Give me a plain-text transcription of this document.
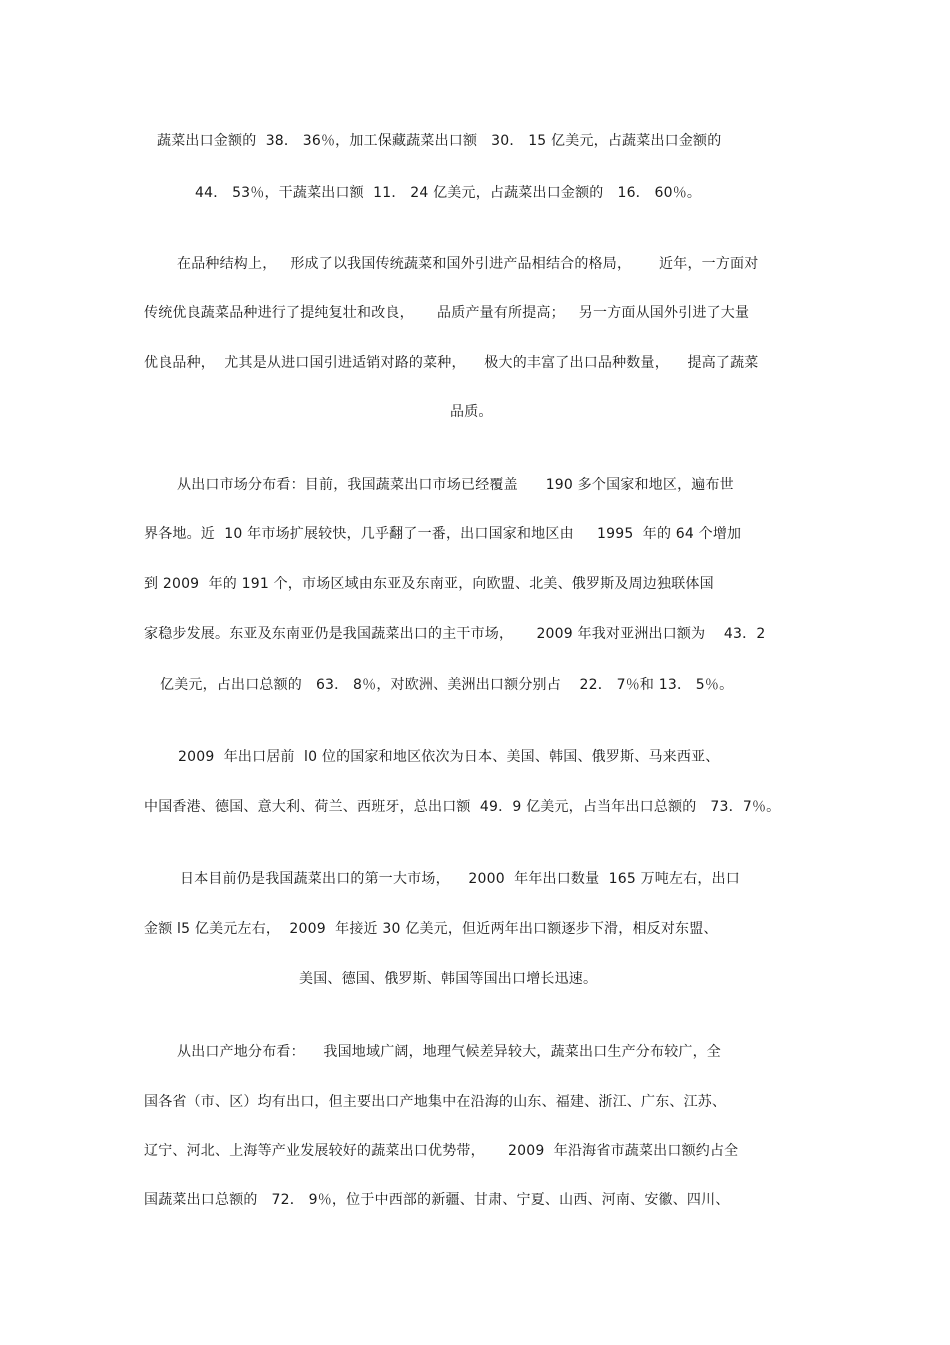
蔬菜出口金额的  38． 36％，加工保藏蔬菜出口额   30． 15 亿美元，占蔬菜出口金额的
44． 53％，干蔬菜出口额  11． 24 亿美元，占蔬菜出口金额的   16． 60％。
在品种结构上，   形成了以我国传统蔬菜和国外引进产品相结合的格局，      近年，一方面对
传统优良蔬菜品种进行了提纯复壮和改良，     品质产量有所提高；   另一方面从国外引进了大量
优良品种，  尤其是从进口国引进适销对路的菜种，    极大的丰富了出口品种数量，    提高了蔬菜
品质。
从出口市场分布看：目前，我国蔬菜出口市场已经覆盖      190 多个国家和地区，遍布世
界各地。近  10 年市场扩展较快，几乎翻了一番，出口国家和地区由     1995  年的 64 个增加
到 2009  年的 191 个，市场区域由东亚及东南亚，向欧盟、北美、俄罗斯及周边独联体国
家稳步发展。东亚及东南亚仍是我国蔬菜出口的主干市场，     2009 年我对亚洲出口额为    43．2
亿美元，占出口总额的   63． 8％，对欧洲、美洲出口额分别占    22． 7％和 13． 5％。
2009  年出口居前  l0 位的国家和地区依次为日本、美国、韩国、俄罗斯、马来西亚、
中国香港、德国、意大利、荷兰、西班牙，总出口额  49．9 亿美元，占当年出口总额的   73．7％。
日本目前仍是我国蔬菜出口的第一大市场，    2000  年年出口数量  165 万吨左右，出口
金额 l5 亿美元左右，  2009  年接近 30 亿美元，但近两年出口额逐步下滑，相反对东盟、
美国、德国、俄罗斯、韩国等国出口增长迅速。
从出口产地分布看：    我国地域广阔，地理气候差异较大，蔬菜出口生产分布较广，全
国各省（市、区）均有出口，但主要出口产地集中在沿海的山东、福建、浙江、广东、江苏、
辽宁、河北、上海等产业发展较好的蔬菜出口优势带，     2009  年沿海省市蔬菜出口额约占全
国蔬菜出口总额的   72． 9％，位于中西部的新疆、甘肃、宁夏、山西、河南、安徽、四川、
